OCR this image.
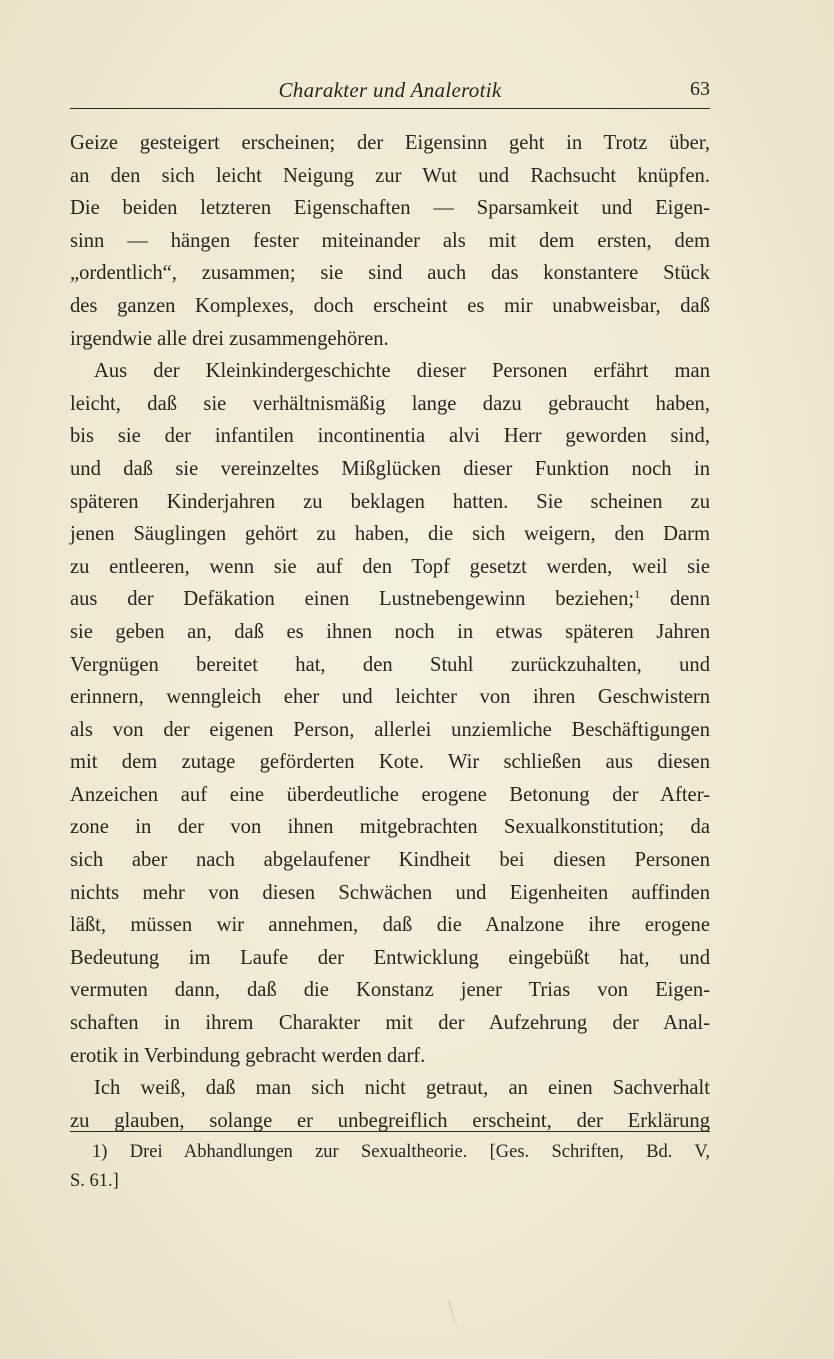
Charakter und Analerotik	63
Geize gesteigert erscheinen; der Eigensinn geht in Trotz über,
an den sich leicht Neigung zur Wut und Rachsucht knüpfen.
Die beiden letzteren Eigenschaften — Sparsamkeit und Eigen-
sinn — hängen fester miteinander als mit dem ersten, dem
„ordentlich“, zusammen; sie sind auch das konstantere Stück
des ganzen Komplexes, doch erscheint es mir unabweisbar, daß
irgendwie alle drei zusammengehören.
Aus der Kleinkindergeschichte dieser Personen erfährt man
leicht, daß sie verhältnismäßig lange dazu gebraucht haben,
bis sie der infantilen incontinentia alvi Herr geworden sind,
und daß sie vereinzeltes Mißglücken dieser Funktion noch in
späteren Kinderjahren zu beklagen hatten. Sie scheinen zu
jenen Säuglingen gehört zu haben, die sich weigern, den Darm
zu entleeren, wenn sie auf den Topf gesetzt werden, weil sie
aus der Defäkation einen Lustnebengewinn beziehen;$^1$ denn
sie geben an, daß es ihnen noch in etwas späteren Jahren
Vergnügen bereitet hat, den Stuhl zurückzuhalten, und
erinnern, wenngleich eher und leichter von ihren Geschwistern
als von der eigenen Person, allerlei unziemliche Beschäftigungen
mit dem zutage geförderten Kote. Wir schließen aus diesen
Anzeichen auf eine überdeutliche erogene Betonung der After-
zone in der von ihnen mitgebrachten Sexualkonstitution; da
sich aber nach abgelaufener Kindheit bei diesen Personen
nichts mehr von diesen Schwächen und Eigenheiten auffinden
läßt, müssen wir annehmen, daß die Analzone ihre erogene
Bedeutung im Laufe der Entwicklung eingebüßt hat, und
vermuten dann, daß die Konstanz jener Trias von Eigen-
schaften in ihrem Charakter mit der Aufzehrung der Anal-
erotik in Verbindung gebracht werden darf.
Ich weiß, daß man sich nicht getraut, an einen Sachverhalt
zu glauben, solange er unbegreiflich erscheint, der Erklärung
1) Drei Abhandlungen zur Sexualtheorie. [Ges. Schriften, Bd. V,
S. 61.]
